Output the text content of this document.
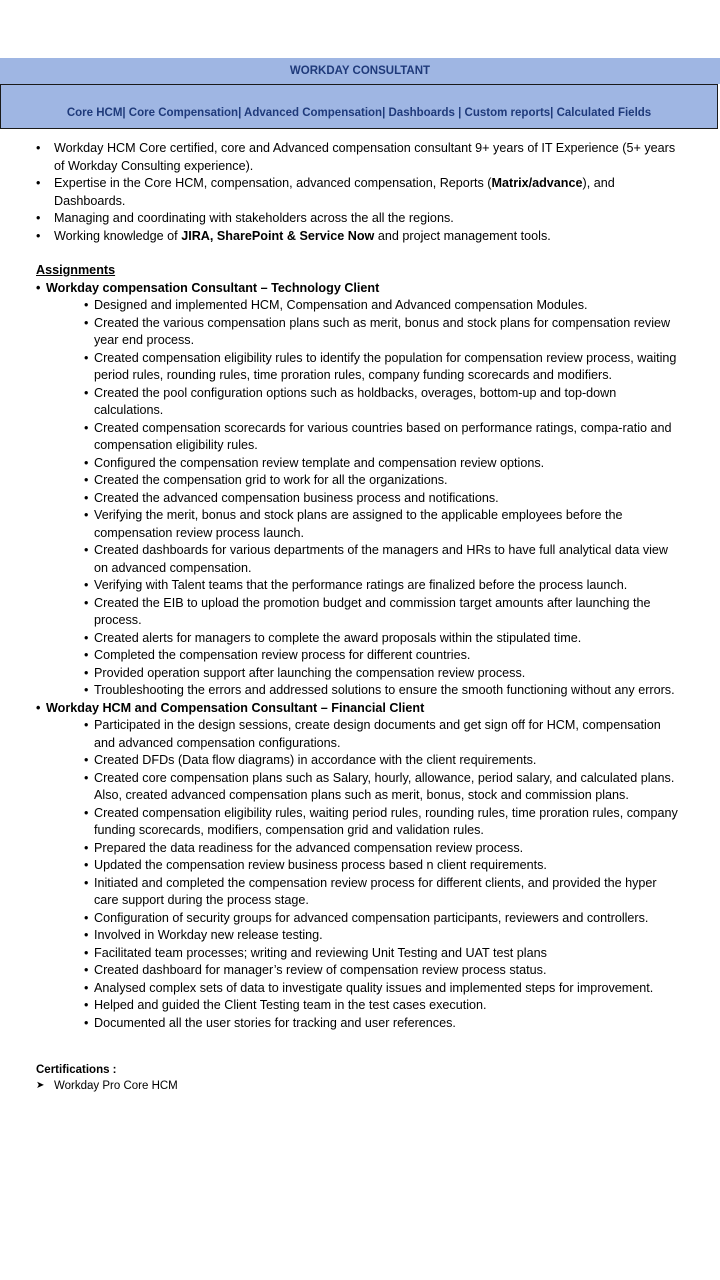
WORKDAY CONSULTANT
Core HCM| Core Compensation| Advanced Compensation| Dashboards | Custom reports| Calculated Fields
• Workday HCM Core certified, core and Advanced compensation consultant 9+ years of IT Experience (5+ years of Workday Consulting experience).
• Expertise in the Core HCM, compensation, advanced compensation, Reports (Matrix/advance), and Dashboards.
• Managing and coordinating with stakeholders across the all the regions.
• Working knowledge of JIRA, SharePoint & Service Now and project management tools.
Assignments
• Workday compensation Consultant – Technology Client
• Designed and implemented HCM, Compensation and Advanced compensation Modules.
• Created the various compensation plans such as merit, bonus and stock plans for compensation review year end process.
• Created compensation eligibility rules to identify the population for compensation review process, waiting period rules, rounding rules, time proration rules, company funding scorecards and modifiers.
• Created the pool configuration options such as holdbacks, overages, bottom-up and top-down calculations.
• Created compensation scorecards for various countries based on performance ratings, compa-ratio and compensation eligibility rules.
• Configured the compensation review template and compensation review options.
• Created the compensation grid to work for all the organizations.
• Created the advanced compensation business process and notifications.
• Verifying the merit, bonus and stock plans are assigned to the applicable employees before the compensation review process launch.
• Created dashboards for various departments of the managers and HRs to have full analytical data view on advanced compensation.
• Verifying with Talent teams that the performance ratings are finalized before the process launch.
• Created the EIB to upload the promotion budget and commission target amounts after launching the process.
• Created alerts for managers to complete the award proposals within the stipulated time.
• Completed the compensation review process for different countries.
• Provided operation support after launching the compensation review process.
• Troubleshooting the errors and addressed solutions to ensure the smooth functioning without any errors.
• Workday HCM and Compensation Consultant – Financial Client
• Participated in the design sessions, create design documents and get sign off for HCM, compensation and advanced compensation configurations.
• Created DFDs (Data flow diagrams) in accordance with the client requirements.
• Created core compensation plans such as Salary, hourly, allowance, period salary, and calculated plans. Also, created advanced compensation plans such as merit, bonus, stock and commission plans.
• Created compensation eligibility rules, waiting period rules, rounding rules, time proration rules, company funding scorecards, modifiers, compensation grid and validation rules.
• Prepared the data readiness for the advanced compensation review process.
• Updated the compensation review business process based n client requirements.
• Initiated and completed the compensation review process for different clients, and provided the hyper care support during the process stage.
• Configuration of security groups for advanced compensation participants, reviewers and controllers.
• Involved in Workday new release testing.
• Facilitated team processes; writing and reviewing Unit Testing and UAT test plans
• Created dashboard for manager’s review of compensation review process status.
• Analysed complex sets of data to investigate quality issues and implemented steps for improvement.
• Helped and guided the Client Testing team in the test cases execution.
• Documented all the user stories for tracking and user references.
Certifications :
➤ Workday Pro Core HCM
